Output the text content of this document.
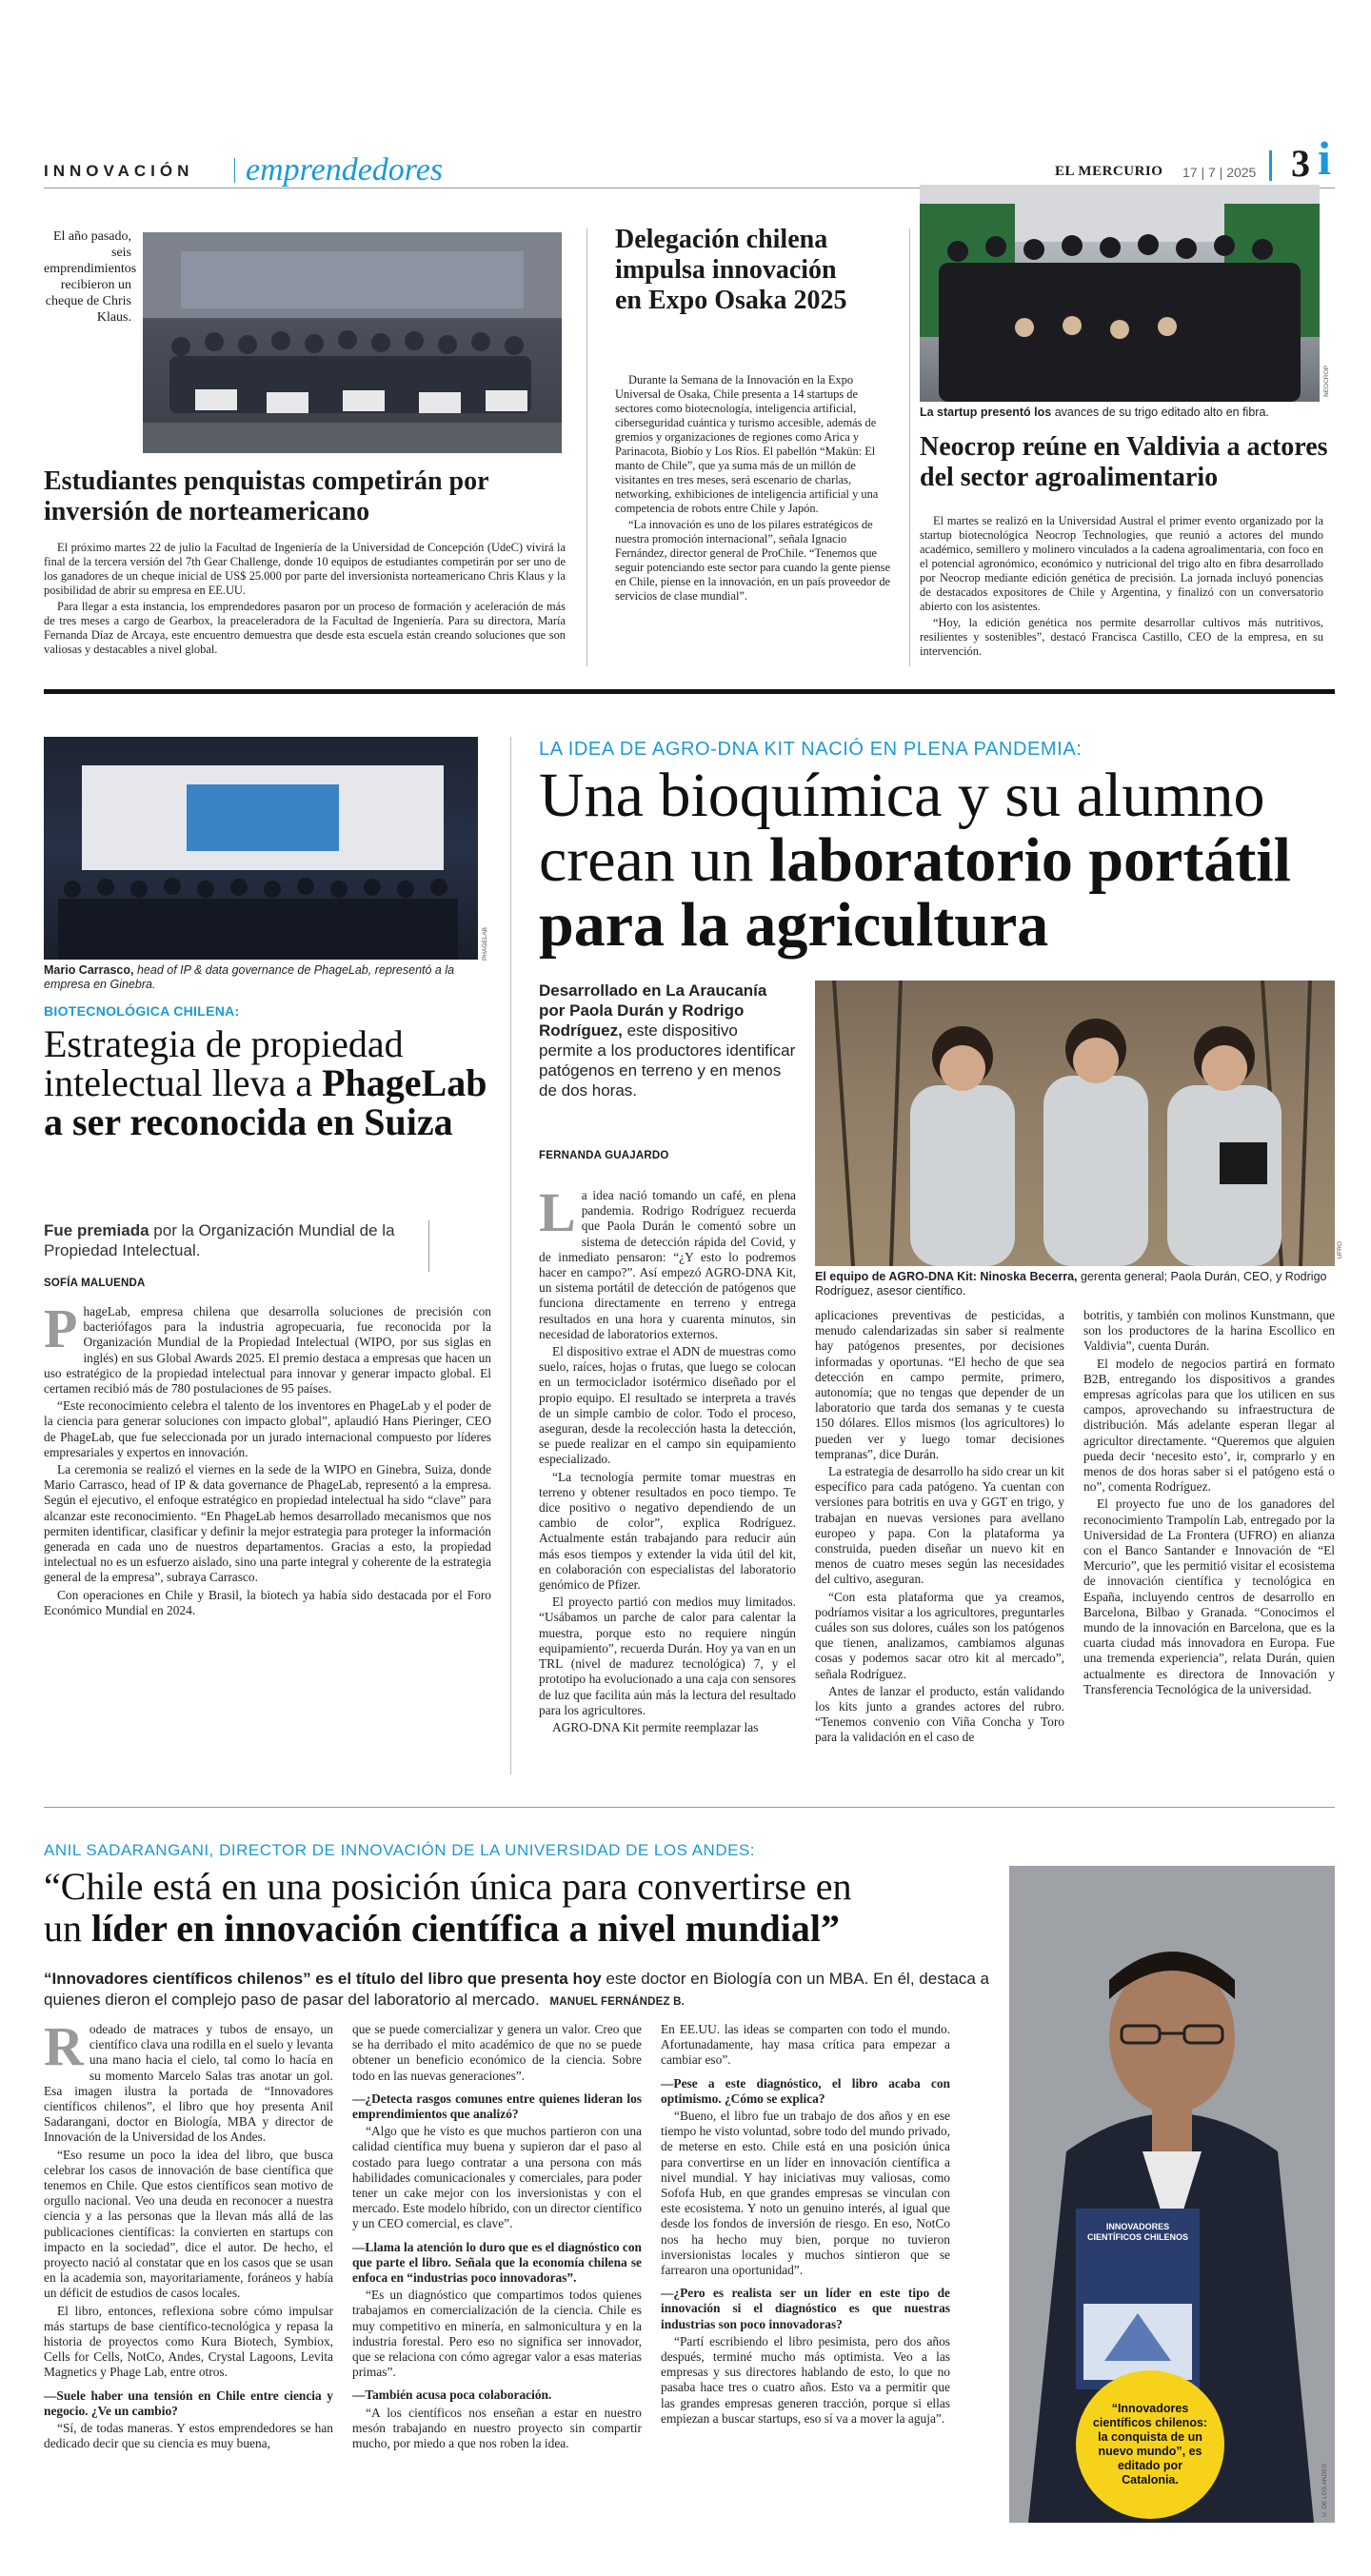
INNOVACIÓN emprendedores	EL MERCURIO 17 | 7 | 2025 3 i
El año pasado, seis emprendimientos recibieron un cheque de Chris Klaus.
Estudiantes penquistas competirán por inversión de norteamericano

El próximo martes 22 de julio la Facultad de Ingeniería de la Universidad de Concepción (UdeC) vivirá la final de la tercera versión del 7th Gear Challenge, donde 10 equipos de estudiantes competirán por ser uno de los ganadores de un cheque inicial de US$ 25.000 por parte del inversionista norteamericano Chris Klaus y la posibilidad de abrir su empresa en EE.UU.

Para llegar a esta instancia, los emprendedores pasaron por un proceso de formación y aceleración de más de tres meses a cargo de Gearbox, la preaceleradora de la Facultad de Ingeniería. Para su directora, María Fernanda Díaz de Arcaya, este encuentro demuestra que desde esta escuela están creando soluciones que son valiosas y destacables a nivel global.

Delegación chilena impulsa innovación en Expo Osaka 2025

Durante la Semana de la Innovación en la Expo Universal de Osaka, Chile presenta a 14 startups de sectores como biotecnología, inteligencia artificial, ciberseguridad cuántica y turismo accesible, además de gremios y organizaciones de regiones como Arica y Parinacota, Biobío y Los Ríos. El pabellón “Makün: El manto de Chile”, que ya suma más de un millón de visitantes en tres meses, será escenario de charlas, networking, exhibiciones de inteligencia artificial y una competencia de robots entre Chile y Japón.

“La innovación es uno de los pilares estratégicos de nuestra promoción internacional”, señala Ignacio Fernández, director general de ProChile. “Tenemos que seguir potenciando este sector para cuando la gente piense en Chile, piense en la innovación, en un país proveedor de servicios de clase mundial”.

NEOCROP
La startup presentó los avances de su trigo editado alto en fibra.
Neocrop reúne en Valdivia a actores del sector agroalimentario

El martes se realizó en la Universidad Austral el primer evento organizado por la startup biotecnológica Neocrop Technologies, que reunió a actores del mundo académico, semillero y molinero vinculados a la cadena agroalimentaria, con foco en el potencial agronómico, económico y nutricional del trigo alto en fibra desarrollado por Neocrop mediante edición genética de precisión. La jornada incluyó ponencias de destacados expositores de Chile y Argentina, y finalizó con un conversatorio abierto con los asistentes.

“Hoy, la edición genética nos permite desarrollar cultivos más nutritivos, resilientes y sostenibles”, destacó Francisca Castillo, CEO de la empresa, en su intervención.

PHAGELAB
Mario Carrasco, head of IP & data governance de PhageLab, representó a la empresa en Ginebra.
BIOTECNOLÓGICA CHILENA:
Estrategia de propiedad intelectual lleva a PhageLab a ser reconocida en Suiza
Fue premiada por la Organización Mundial de la Propiedad Intelectual.
SOFÍA MALUENDA
P hageLab, empresa chilena que desarrolla soluciones de precisión con bacteriófagos para la industria agropecuaria, fue reconocida por la Organización Mundial de la Propiedad Intelectual (WIPO, por sus siglas en inglés) en sus Global Awards 2025. El premio destaca a empresas que hacen un uso estratégico de la propiedad intelectual para innovar y generar impacto global. El certamen recibió más de 780 postulaciones de 95 países.

“Este reconocimiento celebra el talento de los inventores en PhageLab y el poder de la ciencia para generar soluciones con impacto global”, aplaudió Hans Pieringer, CEO de PhageLab, que fue seleccionada por un jurado internacional compuesto por líderes empresariales y expertos en innovación.

La ceremonia se realizó el viernes en la sede de la WIPO en Ginebra, Suiza, donde Mario Carrasco, head of IP & data governance de PhageLab, representó a la empresa. Según el ejecutivo, el enfoque estratégico en propiedad intelectual ha sido “clave” para alcanzar este reconocimiento. “En PhageLab hemos desarrollado mecanismos que nos permiten identificar, clasificar y definir la mejor estrategia para proteger la información generada en cada uno de nuestros departamentos. Gracias a esto, la propiedad intelectual no es un esfuerzo aislado, sino una parte integral y coherente de la estrategia general de la empresa”, subraya Carrasco.

Con operaciones en Chile y Brasil, la biotech ya había sido destacada por el Foro Económico Mundial en 2024.

LA IDEA DE AGRO-DNA KIT NACIÓ EN PLENA PANDEMIA:
Una bioquímica y su alumno crean un laboratorio portátil para la agricultura
Desarrollado en La Araucanía por Paola Durán y Rodrigo Rodríguez, este dispositivo permite a los productores identificar patógenos en terreno y en menos de dos horas.
FERNANDA GUAJARDO
UFRO
El equipo de AGRO-DNA Kit: Ninoska Becerra, gerenta general; Paola Durán, CEO, y Rodrigo Rodríguez, asesor científico.
L a idea nació tomando un café, en plena pandemia. Rodrigo Rodríguez recuerda que Paola Durán le comentó sobre un sistema de detección rápida del Covid, y de inmediato pensaron: “¿Y esto lo podremos hacer en campo?”. Así empezó AGRO-DNA Kit, un sistema portátil de detección de patógenos que funciona directamente en terreno y entrega resultados en una hora y cuarenta minutos, sin necesidad de laboratorios externos.

El dispositivo extrae el ADN de muestras como suelo, raíces, hojas o frutas, que luego se colocan en un termociclador isotérmico diseñado por el propio equipo. El resultado se interpreta a través de un simple cambio de color. Todo el proceso, aseguran, desde la recolección hasta la detección, se puede realizar en el campo sin equipamiento especializado.

“La tecnología permite tomar muestras en terreno y obtener resultados en poco tiempo. Te dice positivo o negativo dependiendo de un cambio de color”, explica Rodríguez. Actualmente están trabajando para reducir aún más esos tiempos y extender la vida útil del kit, en colaboración con especialistas del laboratorio genómico de Pfizer.

El proyecto partió con medios muy limitados. “Usábamos un parche de calor para calentar la muestra, porque esto no requiere ningún equipamiento”, recuerda Durán. Hoy ya van en un TRL (nivel de madurez tecnológica) 7, y el prototipo ha evolucionado a una caja con sensores de luz que facilita aún más la lectura del resultado para los agricultores.

AGRO-DNA Kit permite reemplazar las

aplicaciones preventivas de pesticidas, a menudo calendarizadas sin saber si realmente hay patógenos presentes, por decisiones informadas y oportunas. “El hecho de que sea detección en campo permite, primero, autonomía; que no tengas que depender de un laboratorio que tarda dos semanas y te cuesta 150 dólares. Ellos mismos (los agricultores) lo pueden ver y luego tomar decisiones tempranas”, dice Durán.

La estrategia de desarrollo ha sido crear un kit específico para cada patógeno. Ya cuentan con versiones para botritis en uva y GGT en trigo, y trabajan en nuevas versiones para avellano europeo y papa. Con la plataforma ya construida, pueden diseñar un nuevo kit en menos de cuatro meses según las necesidades del cultivo, aseguran.

“Con esta plataforma que ya creamos, podríamos visitar a los agricultores, preguntarles cuáles son sus dolores, cuáles son los patógenos que tienen, analizamos, cambiamos algunas cosas y podemos sacar otro kit al mercado”, señala Rodríguez.

Antes de lanzar el producto, están validando los kits junto a grandes actores del rubro. “Tenemos convenio con Viña Concha y Toro para la validación en el caso de

botritis, y también con molinos Kunstmann, que son los productores de la harina Escollico en Valdivia”, cuenta Durán.

El modelo de negocios partirá en formato B2B, entregando los dispositivos a grandes empresas agrícolas para que los utilicen en sus campos, aprovechando su infraestructura de distribución. Más adelante esperan llegar al agricultor directamente. “Queremos que alguien pueda decir ‘necesito esto’, ir, comprarlo y en menos de dos horas saber si el patógeno está o no”, comenta Rodríguez.

El proyecto fue uno de los ganadores del reconocimiento Trampolín Lab, entregado por la Universidad de La Frontera (UFRO) en alianza con el Banco Santander e Innovación de “El Mercurio”, que les permitió visitar el ecosistema de innovación científica y tecnológica en España, incluyendo centros de desarrollo en Barcelona, Bilbao y Granada. “Conocimos el mundo de la innovación en Barcelona, que es la cuarta ciudad más innovadora en Europa. Fue una tremenda experiencia”, relata Durán, quien actualmente es directora de Innovación y Transferencia Tecnológica de la universidad.

ANIL SADARANGANI, DIRECTOR DE INNOVACIÓN DE LA UNIVERSIDAD DE LOS ANDES:
“Chile está en una posición única para convertirse en
un líder en innovación científica a nivel mundial”
“Innovadores científicos chilenos” es el título del libro que presenta hoy este doctor en Biología con un MBA. En él, destaca a quienes dieron el complejo paso de pasar del laboratorio al mercado. MANUEL FERNÁNDEZ B.
INNOVADORES CIENTÍFICOS CHILENOS
“Innovadores científicos chilenos: la conquista de un nuevo mundo”, es editado por Catalonia.	U. DE LOS ANDES
R odeado de matraces y tubos de ensayo, un científico clava una rodilla en el suelo y levanta una mano hacia el cielo, tal como lo hacía en su momento Marcelo Salas tras anotar un gol. Esa imagen ilustra la portada de “Innovadores científicos chilenos”, el libro que hoy presenta Anil Sadarangani, doctor en Biología, MBA y director de Innovación de la Universidad de los Andes.

“Eso resume un poco la idea del libro, que busca celebrar los casos de innovación de base científica que tenemos en Chile. Que estos científicos sean motivo de orgullo nacional. Veo una deuda en reconocer a nuestra ciencia y a las personas que la llevan más allá de las publicaciones científicas: la convierten en startups con impacto en la sociedad”, dice el autor. De hecho, el proyecto nació al constatar que en los casos que se usan en la academia son, mayoritariamente, foráneos y había un déficit de estudios de casos locales.

El libro, entonces, reflexiona sobre cómo impulsar más startups de base científico-tecnológica y repasa la historia de proyectos como Kura Biotech, Symbiox, Cells for Cells, NotCo, Andes, Crystal Lagoons, Levita Magnetics y Phage Lab, entre otros.

—Suele haber una tensión en Chile entre ciencia y negocio. ¿Ve un cambio?

“Sí, de todas maneras. Y estos emprendedores se han dedicado decir que su ciencia es muy buena,

que se puede comercializar y genera un valor. Creo que se ha derribado el mito académico de que no se puede obtener un beneficio económico de la ciencia. Sobre todo en las nuevas generaciones”.

—¿Detecta rasgos comunes entre quienes lideran los emprendimientos que analizó?

“Algo que he visto es que muchos partieron con una calidad científica muy buena y supieron dar el paso al costado para luego contratar a una persona con más habilidades comunicacionales y comerciales, para poder tener un cake mejor con los inversionistas y con el mercado. Este modelo híbrido, con un director científico y un CEO comercial, es clave”.

—Llama la atención lo duro que es el diagnóstico con que parte el libro. Señala que la economía chilena se enfoca en “industrias poco innovadoras”.

“Es un diagnóstico que compartimos todos quienes trabajamos en comercialización de la ciencia. Chile es muy competitivo en minería, en salmonicultura y en la industria forestal. Pero eso no significa ser innovador, que se relaciona con cómo agregar valor a esas materias primas”.

—También acusa poca colaboración.

“A los científicos nos enseñan a estar en nuestro mesón trabajando en nuestro proyecto sin compartir mucho, por miedo a que nos roben la idea.

En EE.UU. las ideas se comparten con todo el mundo. Afortunadamente, hay masa crítica para empezar a cambiar eso”.

—Pese a este diagnóstico, el libro acaba con optimismo. ¿Cómo se explica?

“Bueno, el libro fue un trabajo de dos años y en ese tiempo he visto voluntad, sobre todo del mundo privado, de meterse en esto. Chile está en una posición única para convertirse en un líder en innovación científica a nivel mundial. Y hay iniciativas muy valiosas, como Sofofa Hub, en que grandes empresas se vinculan con este ecosistema. Y noto un genuino interés, al igual que desde los fondos de inversión de riesgo. En eso, NotCo nos ha hecho muy bien, porque no tuvieron inversionistas locales y muchos sintieron que se farrearon una oportunidad”.

—¿Pero es realista ser un líder en este tipo de innovación si el diagnóstico es que nuestras industrias son poco innovadoras?

“Partí escribiendo el libro pesimista, pero dos años después, terminé mucho más optimista. Veo a las empresas y sus directores hablando de esto, lo que no pasaba hace tres o cuatro años. Esto va a permitir que las grandes empresas generen tracción, porque si ellas empiezan a buscar startups, eso sí va a mover la aguja”.
